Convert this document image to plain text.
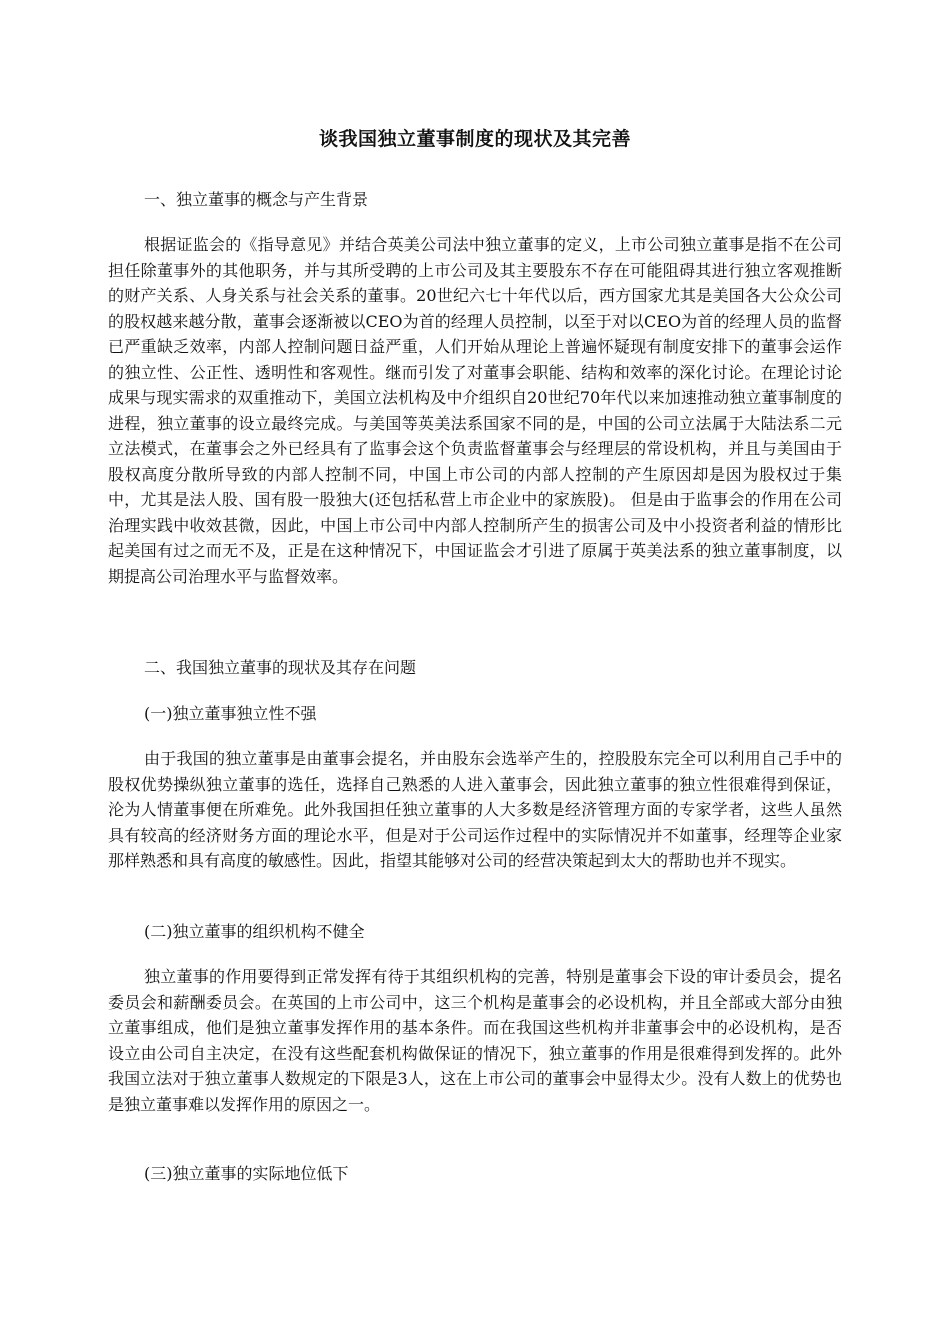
谈我国独立董事制度的现状及其完善

一、独立董事的概念与产生背景

根据证监会的《指导意见》并结合英美公司法中独立董事的定义，上市公司独立董事是指不在公司担任除董事外的其他职务，并与其所受聘的上市公司及其主要股东不存在可能阻碍其进行独立客观推断的财产关系、人身关系与社会关系的董事。20世纪六七十年代以后，西方国家尤其是美国各大公众公司的股权越来越分散，董事会逐渐被以CEO为首的经理人员控制，以至于对以CEO为首的经理人员的监督已严重缺乏效率，内部人控制问题日益严重，人们开始从理论上普遍怀疑现有制度安排下的董事会运作的独立性、公正性、透明性和客观性。继而引发了对董事会职能、结构和效率的深化讨论。在理论讨论成果与现实需求的双重推动下，美国立法机构及中介组织自20世纪70年代以来加速推动独立董事制度的进程，独立董事的设立最终完成。与美国等英美法系国家不同的是，中国的公司立法属于大陆法系二元立法模式，在董事会之外已经具有了监事会这个负责监督董事会与经理层的常设机构，并且与美国由于股权高度分散所导致的内部人控制不同，中国上市公司的内部人控制的产生原因却是因为股权过于集中，尤其是法人股、国有股一股独大(还包括私营上市企业中的家族股)。 但是由于监事会的作用在公司治理实践中收效甚微，因此，中国上市公司中内部人控制所产生的损害公司及中小投资者利益的情形比起美国有过之而无不及，正是在这种情况下，中国证监会才引进了原属于英美法系的独立董事制度，以期提高公司治理水平与监督效率。

二、我国独立董事的现状及其存在问题

(一)独立董事独立性不强

由于我国的独立董事是由董事会提名，并由股东会选举产生的，控股股东完全可以利用自己手中的股权优势操纵独立董事的选任，选择自己熟悉的人进入董事会，因此独立董事的独立性很难得到保证，沦为人情董事便在所难免。此外我国担任独立董事的人大多数是经济管理方面的专家学者，这些人虽然具有较高的经济财务方面的理论水平，但是对于公司运作过程中的实际情况并不如董事，经理等企业家那样熟悉和具有高度的敏感性。因此，指望其能够对公司的经营决策起到太大的帮助也并不现实。

(二)独立董事的组织机构不健全

独立董事的作用要得到正常发挥有待于其组织机构的完善，特别是董事会下设的审计委员会，提名委员会和薪酬委员会。在英国的上市公司中，这三个机构是董事会的必设机构，并且全部或大部分由独立董事组成，他们是独立董事发挥作用的基本条件。而在我国这些机构并非董事会中的必设机构，是否设立由公司自主决定，在没有这些配套机构做保证的情况下，独立董事的作用是很难得到发挥的。此外我国立法对于独立董事人数规定的下限是3人，这在上市公司的董事会中显得太少。没有人数上的优势也是独立董事难以发挥作用的原因之一。

(三)独立董事的实际地位低下
